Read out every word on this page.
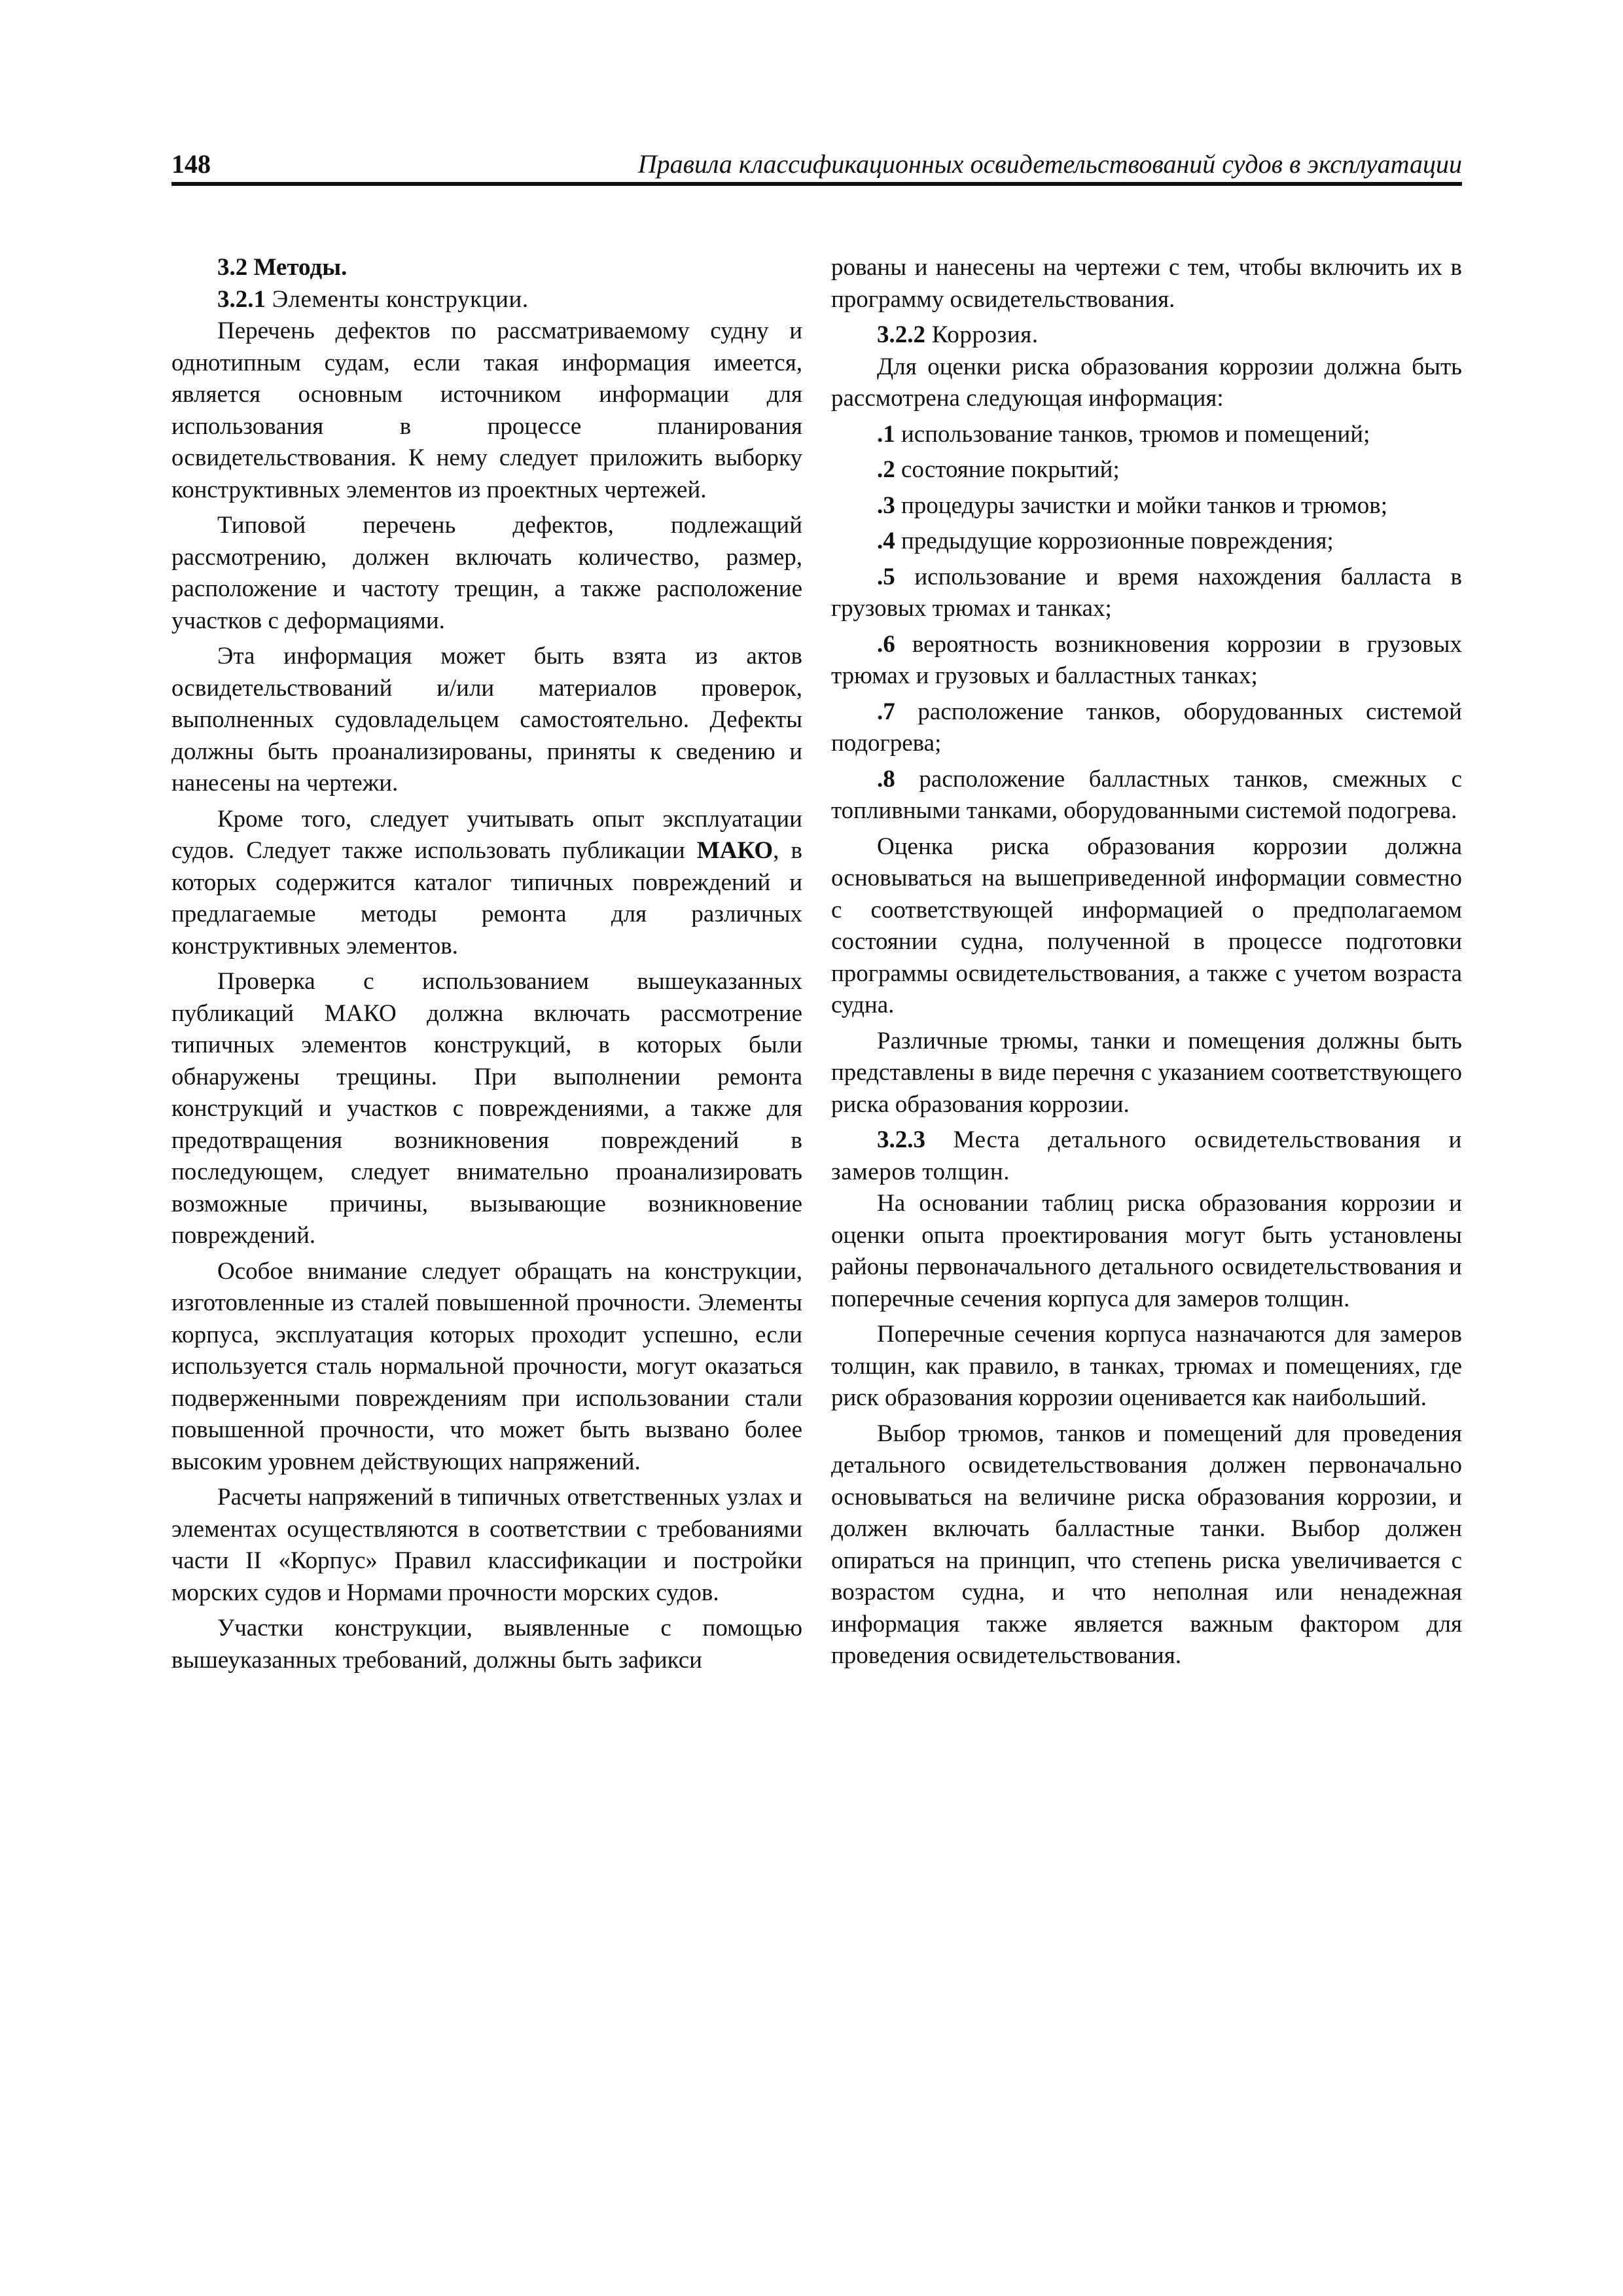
148	Правила классификационных освидетельствований судов в эксплуатации

3.2 Методы.

3.2.1 Элементы конструкции.

Перечень дефектов по рассматриваемому судну и однотипным судам, если такая информация имеется, является основным источником информации для использования в процессе планирования освидетельствования. К нему следует приложить выборку конструктивных элементов из проектных чертежей.

Типовой перечень дефектов, подлежащий рассмотрению, должен включать количество, размер, расположение и частоту трещин, а также расположение участков с деформациями.

Эта информация может быть взята из актов освидетельствований и/или материалов проверок, выполненных судовладельцем самостоятельно. Дефекты должны быть проанализированы, приняты к сведению и нанесены на чертежи.

Кроме того, следует учитывать опыт эксплуатации судов. Следует также использовать публикации МАКО, в которых содержится каталог типичных повреждений и предлагаемые методы ремонта для различных конструктивных элементов.

Проверка с использованием вышеуказанных публикаций МАКО должна включать рассмотрение типичных элементов конструкций, в которых были обнаружены трещины. При выполнении ремонта конструкций и участков с повреждениями, а также для предотвращения возникновения повреждений в последующем, следует внимательно проанализировать возможные причины, вызывающие возникновение повреждений.

Особое внимание следует обращать на конструкции, изготовленные из сталей повышенной прочности. Элементы корпуса, эксплуатация которых проходит успешно, если используется сталь нормальной прочности, могут оказаться подверженными повреждениям при использовании стали повышенной прочности, что может быть вызвано более высоким уровнем действующих напряжений.

Расчеты напряжений в типичных ответственных узлах и элементах осуществляются в соответствии с требованиями части II «Корпус» Правил классификации и постройки морских судов и Нормами прочности морских судов.

Участки конструкции, выявленные с помощью вышеуказанных требований, должны быть зафикси

рованы и нанесены на чертежи с тем, чтобы включить их в программу освидетельствования.

3.2.2 Коррозия.

Для оценки риска образования коррозии должна быть рассмотрена следующая информация:

.1 использование танков, трюмов и помещений;

.2 состояние покрытий;

.3 процедуры зачистки и мойки танков и трюмов;

.4 предыдущие коррозионные повреждения;

.5 использование и время нахождения балласта в грузовых трюмах и танках;

.6 вероятность возникновения коррозии в грузовых трюмах и грузовых и балластных танках;

.7 расположение танков, оборудованных системой подогрева;

.8 расположение балластных танков, смежных с топливными танками, оборудованными системой подогрева.

Оценка риска образования коррозии должна основываться на вышеприведенной информации совместно с соответствующей информацией о предполагаемом состоянии судна, полученной в процессе подготовки программы освидетельствования, а также с учетом возраста судна.

Различные трюмы, танки и помещения должны быть представлены в виде перечня с указанием соответствующего риска образования коррозии.

3.2.3 Места детального освидетельствования и замеров толщин.

На основании таблиц риска образования коррозии и оценки опыта проектирования могут быть установлены районы первоначального детального освидетельствования и поперечные сечения корпуса для замеров толщин.

Поперечные сечения корпуса назначаются для замеров толщин, как правило, в танках, трюмах и помещениях, где риск образования коррозии оценивается как наибольший.

Выбор трюмов, танков и помещений для проведения детального освидетельствования должен первоначально основываться на величине риска образования коррозии, и должен включать балластные танки. Выбор должен опираться на принцип, что степень риска увеличивается с возрастом судна, и что неполная или ненадежная информация также является важным фактором для проведения освидетельствования.
